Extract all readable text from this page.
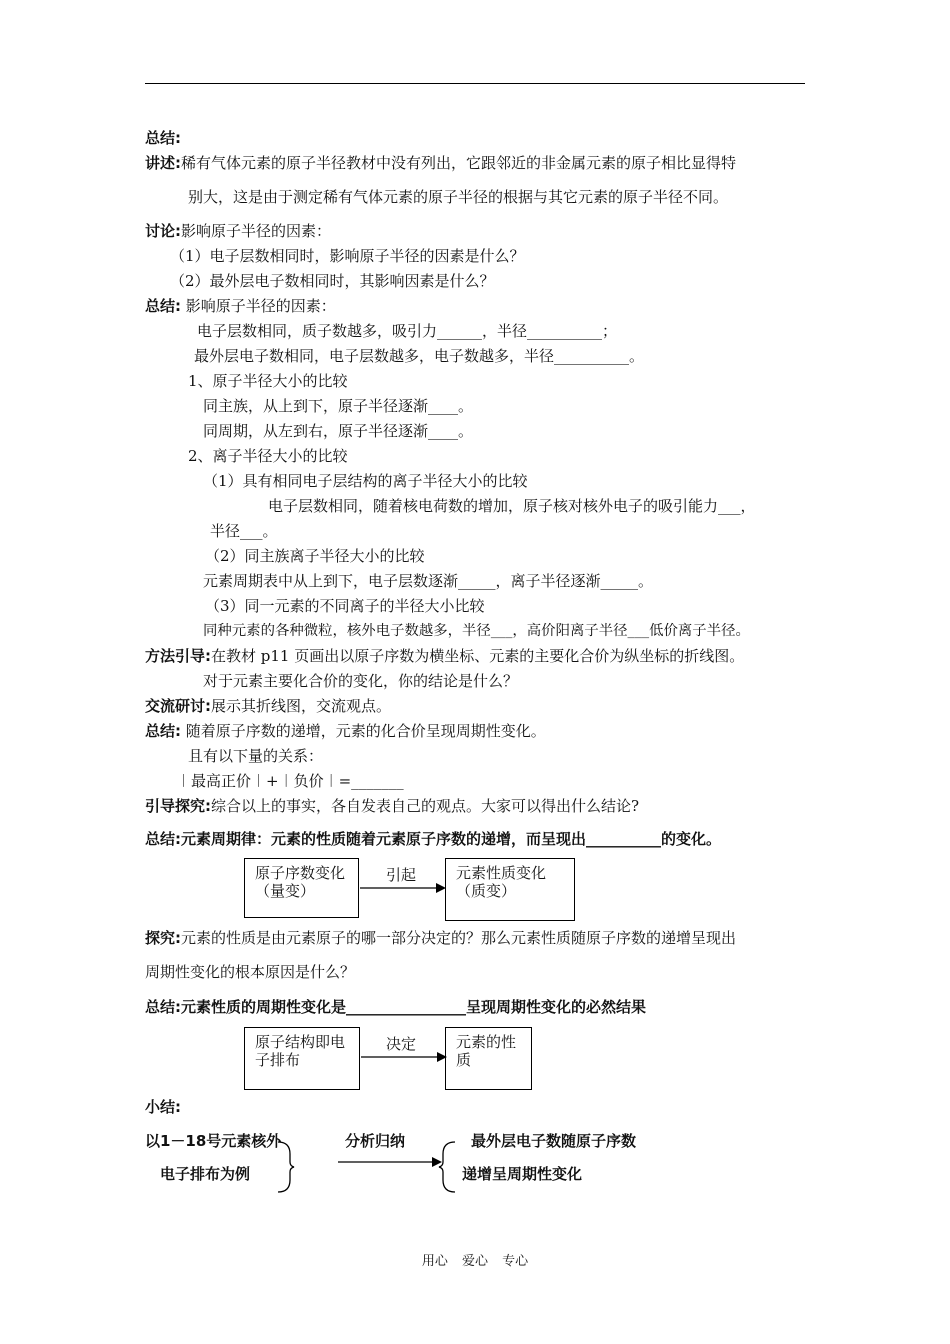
总结:
讲述:稀有气体元素的原子半径教材中没有列出，它跟邻近的非金属元素的原子相比显得特
别大，这是由于测定稀有气体元素的原子半径的根据与其它元素的原子半径不同。
讨论:影响原子半径的因素：
（1）电子层数相同时，影响原子半径的因素是什么？
（2）最外层电子数相同时，其影响因素是什么？
总结: 影响原子半径的因素：
电子层数相同，质子数越多，吸引力______，半径__________；
最外层电子数相同，电子层数越多，电子数越多，半径__________。
1、原子半径大小的比较
同主族，从上到下，原子半径逐渐____。
同周期，从左到右，原子半径逐渐____。
2、离子半径大小的比较
（1）具有相同电子层结构的离子半径大小的比较
电子层数相同，随着核电荷数的增加，原子核对核外电子的吸引能力___，
半径___。
（2）同主族离子半径大小的比较
元素周期表中从上到下，电子层数逐渐_____，离子半径逐渐_____。
（3）同一元素的不同离子的半径大小比较
同种元素的各种微粒，核外电子数越多，半径___，高价阳离子半径___低价离子半径。
方法引导:在教材 p11 页画出以原子序数为横坐标、元素的主要化合价为纵坐标的折线图。
对于元素主要化合价的变化，你的结论是什么？
交流研讨:展示其折线图，交流观点。
总结: 随着原子序数的递增，元素的化合价呈现周期性变化。
且有以下量的关系：
︱最高正价︱+︱负价︱=_______
引导探究:综合以上的事实，各自发表自己的观点。大家可以得出什么结论?
总结:元素周期律：元素的性质随着元素原子序数的递增，而呈现出__________的变化。
原子序数变化（量变）
引起	元素性质变化（质变）
探究:元素的性质是由元素原子的哪一部分决定的？那么元素性质随原子序数的递增呈现出
周期性变化的根本原因是什么？
总结:元素性质的周期性变化是________________呈现周期性变化的必然结果
原子结构即电子排布
决定	元素的性质
小结:
以1－18号元素核外
电子排布为例
分析归纳	最外层电子数随原子序数
递增呈周期性变化
用心 爱心 专心
